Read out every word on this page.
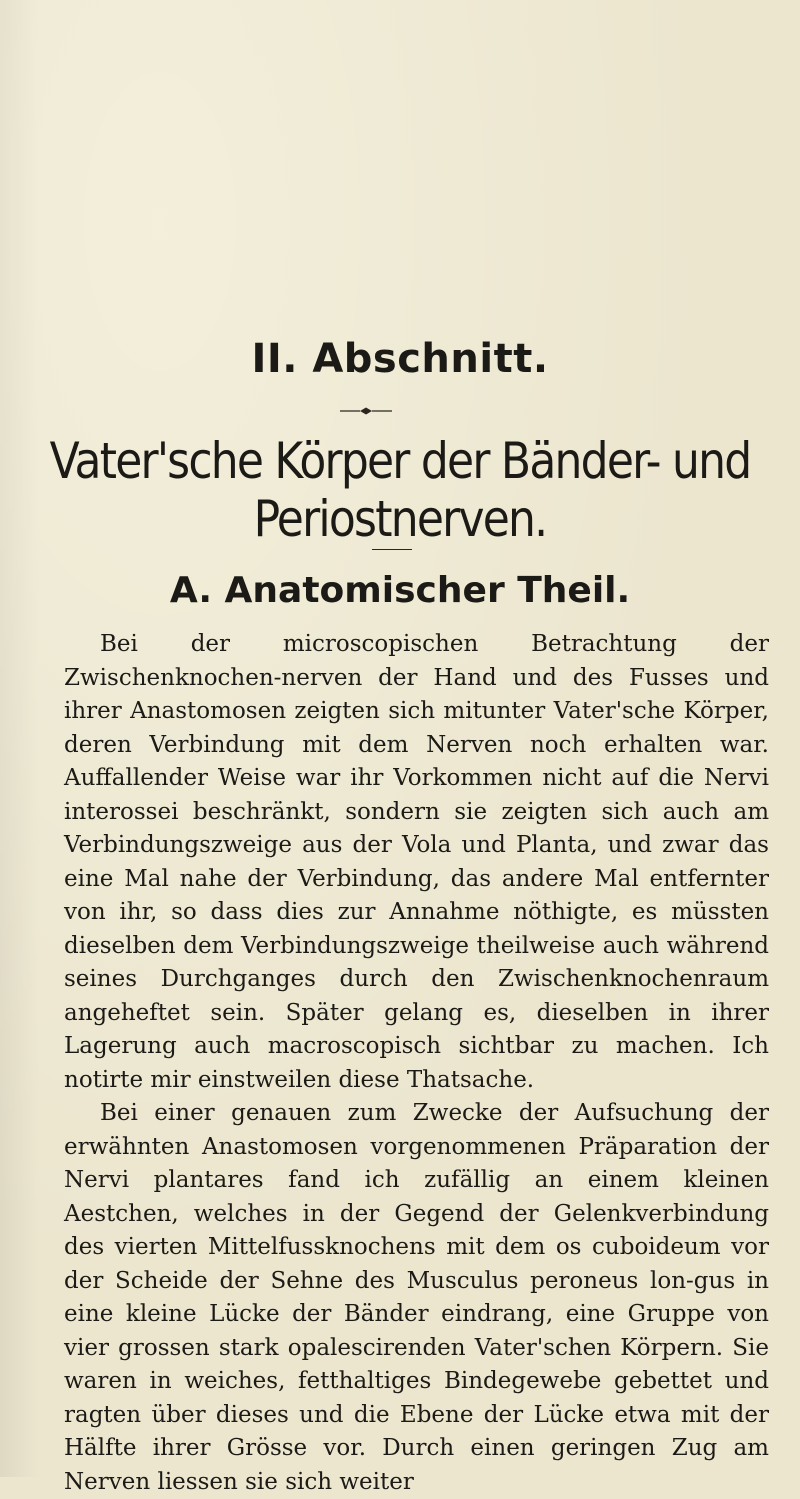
II. Abschnitt.
Vater'sche Körper der Bänder- und Periostnerven.
A. Anatomischer Theil.

Bei der microscopischen Betrachtung der Zwischenknochen-nerven der Hand und des Fusses und ihrer Anastomosen zeigten sich mitunter Vater'sche Körper, deren Verbindung mit dem Nerven noch erhalten war. Auffallender Weise war ihr Vorkommen nicht auf die Nervi interossei beschränkt, sondern sie zeigten sich auch am Verbindungszweige aus der Vola und Planta, und zwar das eine Mal nahe der Verbindung, das andere Mal entfernter von ihr, so dass dies zur Annahme nöthigte, es müssten dieselben dem Verbindungszweige theilweise auch während seines Durchganges durch den Zwischenknochenraum angeheftet sein. Später gelang es, dieselben in ihrer Lagerung auch macroscopisch sichtbar zu machen. Ich notirte mir einstweilen diese Thatsache.

Bei einer genauen zum Zwecke der Aufsuchung der erwähnten Anastomosen vorgenommenen Präparation der Nervi plantares fand ich zufällig an einem kleinen Aestchen, welches in der Gegend der Gelenkverbindung des vierten Mittelfussknochens mit dem os cuboideum vor der Scheide der Sehne des Musculus peroneus lon-gus in eine kleine Lücke der Bänder eindrang, eine Gruppe von vier grossen stark opalescirenden Vater'schen Körpern. Sie waren in weiches, fetthaltiges Bindegewebe gebettet und ragten über dieses und die Ebene der Lücke etwa mit der Hälfte ihrer Grösse vor. Durch einen geringen Zug am Nerven liessen sie sich weiter
